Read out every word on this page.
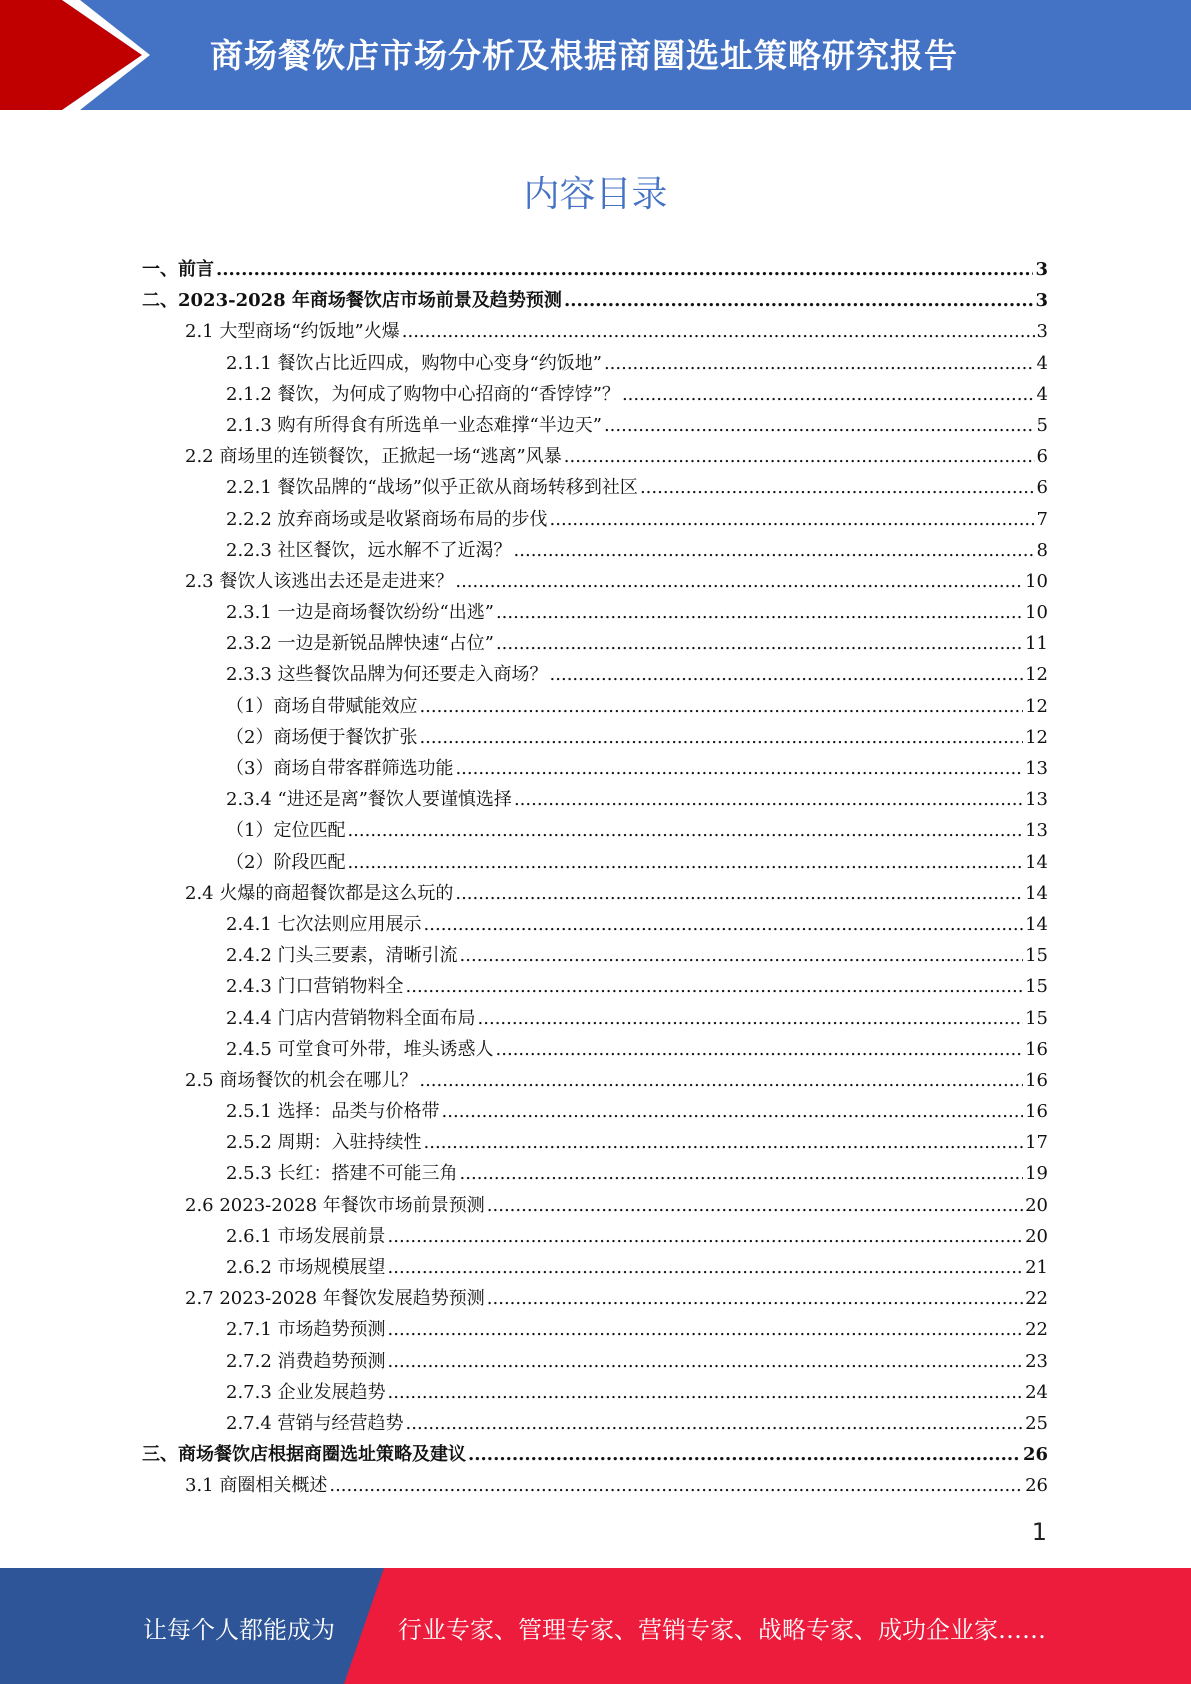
商场餐饮店市场分析及根据商圈选址策略研究报告
内容目录
一、前言 .....	3
二、2023-2028 年商场餐饮店市场前景及趋势预测 .....	3
2.1 大型商场“约饭地”火爆 .....	3
2.1.1 餐饮占比近四成，购物中心变身“约饭地” .....	4
2.1.2 餐饮，为何成了购物中心招商的“香饽饽”？ .....	4
2.1.3 购有所得食有所选单一业态难撑“半边天” .....	5
2.2 商场里的连锁餐饮，正掀起一场“逃离”风暴 .....	6
2.2.1 餐饮品牌的“战场”似乎正欲从商场转移到社区 .....	6
2.2.2 放弃商场或是收紧商场布局的步伐 .....	7
2.2.3 社区餐饮，远水解不了近渴？ .....	8
2.3 餐饮人该逃出去还是走进来？ .....	10
2.3.1 一边是商场餐饮纷纷“出逃” .....	10
2.3.2 一边是新锐品牌快速“占位” .....	11
2.3.3 这些餐饮品牌为何还要走入商场？ .....	12
（1）商场自带赋能效应 .....	12
（2）商场便于餐饮扩张 .....	12
（3）商场自带客群筛选功能 .....	13
2.3.4 “进还是离”餐饮人要谨慎选择 .....	13
（1）定位匹配 .....	13
（2）阶段匹配 .....	14
2.4 火爆的商超餐饮都是这么玩的 .....	14
2.4.1 七次法则应用展示 .....	14
2.4.2 门头三要素，清晰引流 .....	15
2.4.3 门口营销物料全 .....	15
2.4.4 门店内营销物料全面布局 .....	15
2.4.5 可堂食可外带，堆头诱惑人 .....	16
2.5 商场餐饮的机会在哪儿？ .....	16
2.5.1 选择：品类与价格带 .....	16
2.5.2 周期：入驻持续性 .....	17
2.5.3 长红：搭建不可能三角 .....	19
2.6 2023-2028 年餐饮市场前景预测 .....	20
2.6.1 市场发展前景 .....	20
2.6.2 市场规模展望 .....	21
2.7 2023-2028 年餐饮发展趋势预测 .....	22
2.7.1 市场趋势预测 .....	22
2.7.2 消费趋势预测 .....	23
2.7.3 企业发展趋势 .....	24
2.7.4 营销与经营趋势 .....	25
三、商场餐饮店根据商圈选址策略及建议 .....	26
3.1 商圈相关概述 .....	26
1
让每个人都能成为	行业专家、管理专家、营销专家、战略专家、成功企业家……
